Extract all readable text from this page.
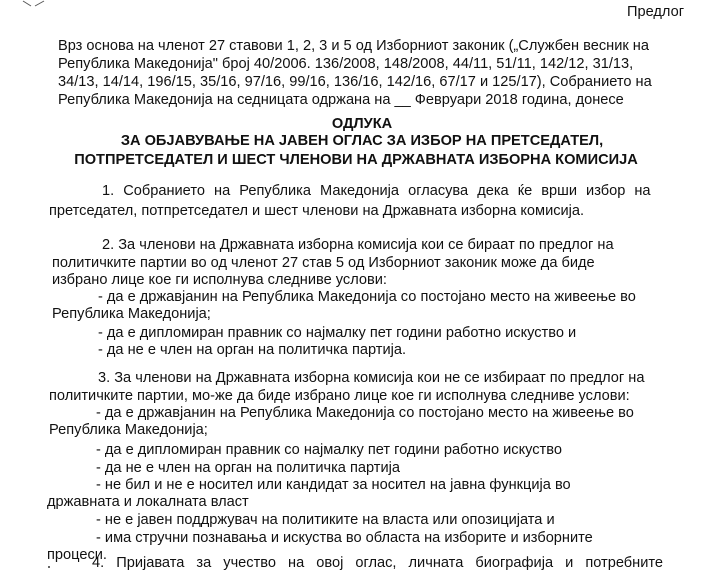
Предлог
Врз основа на членот 27 ставови 1, 2, 3 и 5 од Изборниот законик („Службен весник на
Република Македонија" број 40/2006. 136/2008, 148/2008, 44/11, 51/11, 142/12, 31/13,
34/13, 14/14, 196/15, 35/16, 97/16, 99/16, 136/16, 142/16, 67/17 и 125/17), Собранието на
Република Македонија на седницата одржана на __ Февруари 2018 година, донесе
ОДЛУКА
ЗА ОБЈАВУВАЊЕ НА ЈАВЕН ОГЛАС ЗА ИЗБОР НА ПРЕТСЕДАТЕЛ,
ПОТПРЕТСЕДАТЕЛ И ШЕСТ ЧЛЕНОВИ НА ДРЖАВНАТА ИЗБОРНА КОМИСИЈА
1. Собранието на Република Македонија огласува дека ќе врши избор на
претседател, потпретседател и шест членови на Државната изборна комисија.
2. За членови на Државната изборна комисија кои се бираат по предлог на
политичките партии во од членот 27 став 5 од Изборниот законик може да биде
избрано лице кое ги исполнува следниве услови:
- да е државјанин на Република Македонија со постојано место на живеење во
Република Македонија;
- да е дипломиран правник со најмалку пет години работно искуство и
- да не е член на орган на политичка партија.
3. За членови на Државната изборна комисија кои не се избираат по предлог на
политичките партии, мо-же да биде избрано лице кое ги исполнува следниве услови:
- да е државјанин на Република Македонија со постојано место на живеење во
Република Македонија;
- да е дипломиран правник со најмалку пет години работно искуство
- да не е член на орган на политичка партија
- не бил и не е носител или кандидат за носител на јавна функција во
државната и локалната власт
- не е јавен поддржувач на политиките на власта или опозицијата и
- има стручни познавања и искуства во областа на изборите и изборните
процеси.
4. Пријавата за учество на овој оглас, личната биографија и потребните
